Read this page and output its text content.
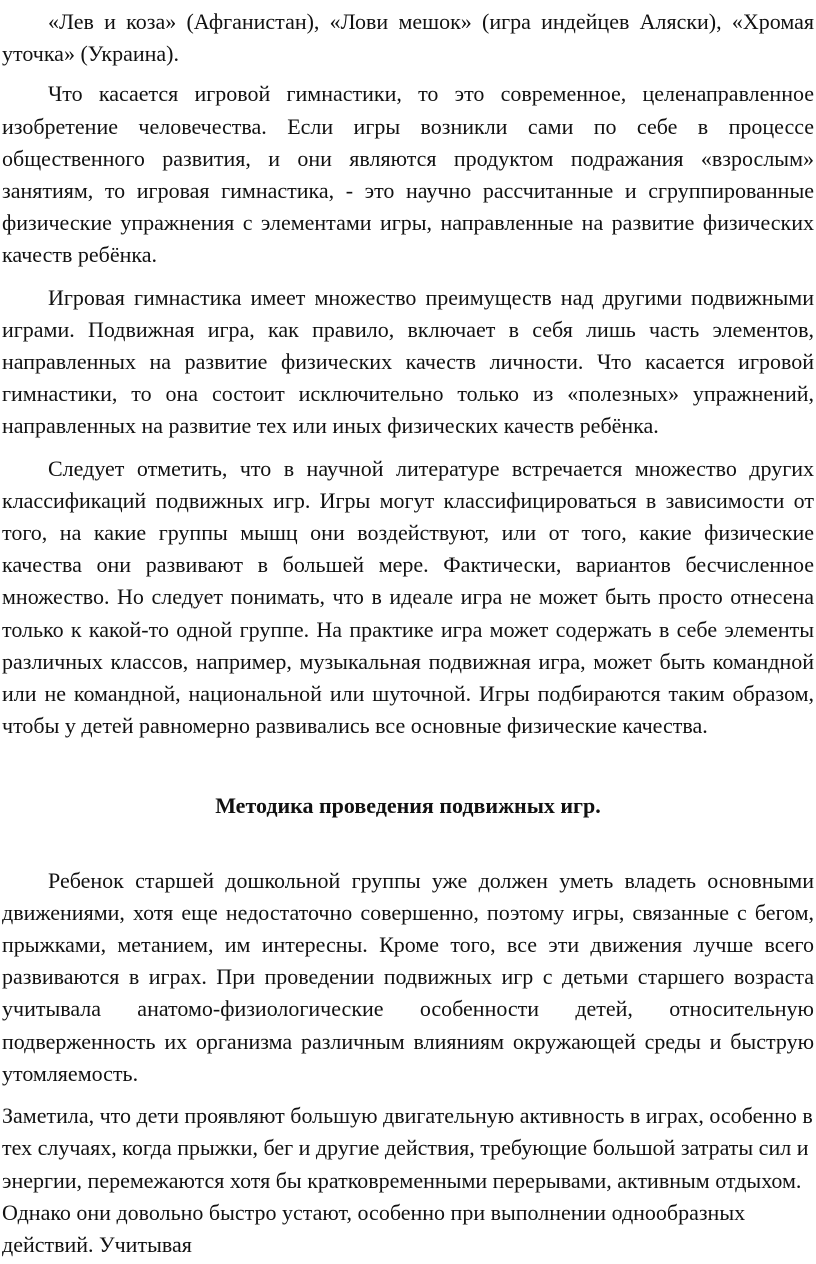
«Лев и коза» (Афганистан), «Лови мешок» (игра индейцев Аляски), «Хромая уточка» (Украина).

Что касается игровой гимнастики, то это современное, целенаправленное изобретение человечества. Если игры возникли сами по себе в процессе общественного развития, и они являются продуктом подражания «взрослым» занятиям, то игровая гимнастика, - это научно рассчитанные и сгруппированные физические упражнения с элементами игры, направленные на развитие физических качеств ребёнка.

Игровая гимнастика имеет множество преимуществ над другими подвижными играми. Подвижная игра, как правило, включает в себя лишь часть элементов, направленных на развитие физических качеств личности. Что касается игровой гимнастики, то она состоит исключительно только из «полезных» упражнений, направленных на развитие тех или иных физических качеств ребёнка.

Следует отметить, что в научной литературе встречается множество других классификаций подвижных игр. Игры могут классифицироваться в зависимости от того, на какие группы мышц они воздействуют, или от того, какие физические качества они развивают в большей мере. Фактически, вариантов бесчисленное множество. Но следует понимать, что в идеале игра не может быть просто отнесена только к какой-то одной группе. На практике игра может содержать в себе элементы различных классов, например, музыкальная подвижная игра, может быть командной или не командной, национальной или шуточной. Игры подбираются таким образом, чтобы у детей равномерно развивались все основные физические качества.

Методика проведения подвижных игр.

Ребенок старшей дошкольной группы уже должен уметь владеть основными движениями, хотя еще недостаточно совершенно, поэтому игры, связанные с бегом, прыжками, метанием, им интересны. Кроме того, все эти движения лучше всего развиваются в играх. При проведении подвижных игр с детьми старшего возраста учитывала анатомо-физиологические особенности детей, относительную подверженность их организма различным влияниям окружающей среды и быструю утомляемость.

Заметила, что дети проявляют большую двигательную активность в играх, особенно в тех случаях, когда прыжки, бег и другие действия, требующие большой затраты сил и энергии, перемежаются хотя бы кратковременными перерывами, активным отдыхом. Однако они довольно быстро устают, особенно при выполнении однообразных действий. Учитывая
